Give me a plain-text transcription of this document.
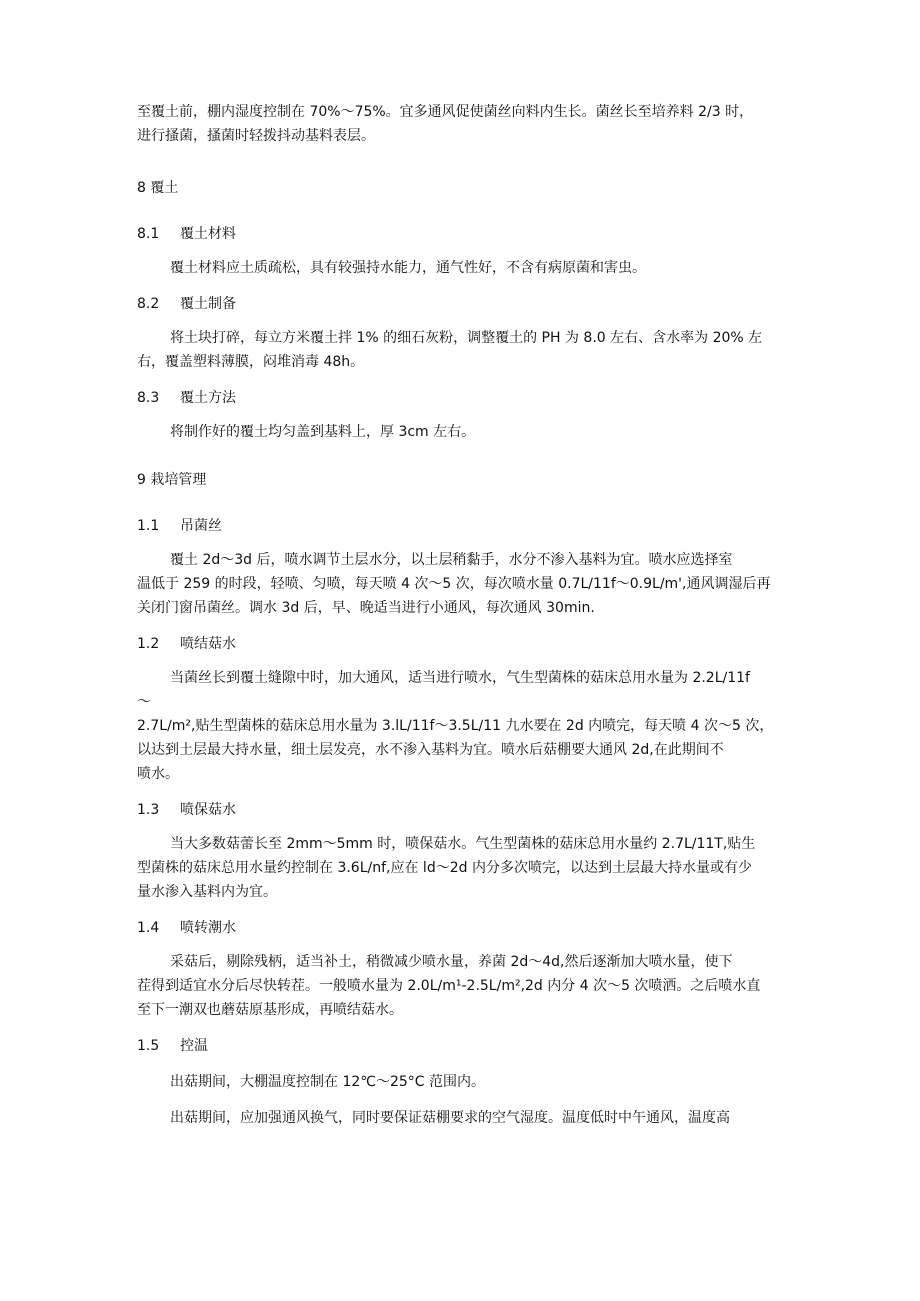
至覆土前，棚内湿度控制在 70%～75%。宜多通风促使菌丝向料内生长。菌丝长至培养料 2/3 时，
进行搔菌，搔菌时轻拨抖动基料表层。
8 覆土
8.1 覆土材料
覆土材料应土质疏松，具有较强持水能力，通气性好，不含有病原菌和害虫。
8.2 覆土制备
将土块打碎，每立方米覆土拌 1% 的细石灰粉，调整覆土的 PH 为 8.0 左右、含水率为 20% 左
右，覆盖塑料薄膜，闷堆消毒 48h。
8.3 覆土方法
将制作好的覆土均匀盖到基料上，厚 3cm 左右。
9 栽培管理
1.1 吊菌丝
覆土 2d～3d 后，喷水调节土层水分，以土层稍黏手，水分不渗入基料为宜。喷水应选择室
温低于 259 的时段，轻喷、匀喷，每天喷 4 次～5 次，每次喷水量 0.7L∕11f～0.9L∕m',通风调湿后再
关闭门窗吊菌丝。调水 3d 后，早、晚适当进行小通风，每次通风 30min.
1.2 喷结菇水
当菌丝长到覆土缝隙中时，加大通风，适当进行喷水，气生型菌株的菇床总用水量为 2.2L∕11f
～
2.7L∕m²,贴生型菌株的菇床总用水量为 3.lL∕11f～3.5L∕11 九水要在 2d 内喷完，每天喷 4 次～5 次，
以达到土层最大持水量，细土层发亮，水不渗入基料为宜。喷水后菇棚要大通风 2d,在此期间不
喷水。
1.3 喷保菇水
当大多数菇蕾长至 2mm～5mm 时，喷保菇水。气生型菌株的菇床总用水量约 2.7L∕11T,贴生
型菌株的菇床总用水量约控制在 3.6L∕nf,应在 ld～2d 内分多次喷完，以达到土层最大持水量或有少
量水渗入基料内为宜。
1.4 喷转潮水
采菇后，剔除残柄，适当补土，稍微减少喷水量，养菌 2d～4d,然后逐渐加大喷水量，使下
茬得到适宜水分后尽快转茬。一般喷水量为 2.0L∕m¹-2.5L∕m²,2d 内分 4 次～5 次喷洒。之后喷水直
至下一潮双也蘑菇原基形成，再喷结菇水。
1.5 控温
出菇期间，大棚温度控制在 12℃～25°C 范围内。
出菇期间，应加强通风换气，同时要保证菇棚要求的空气湿度。温度低时中午通风，温度高
